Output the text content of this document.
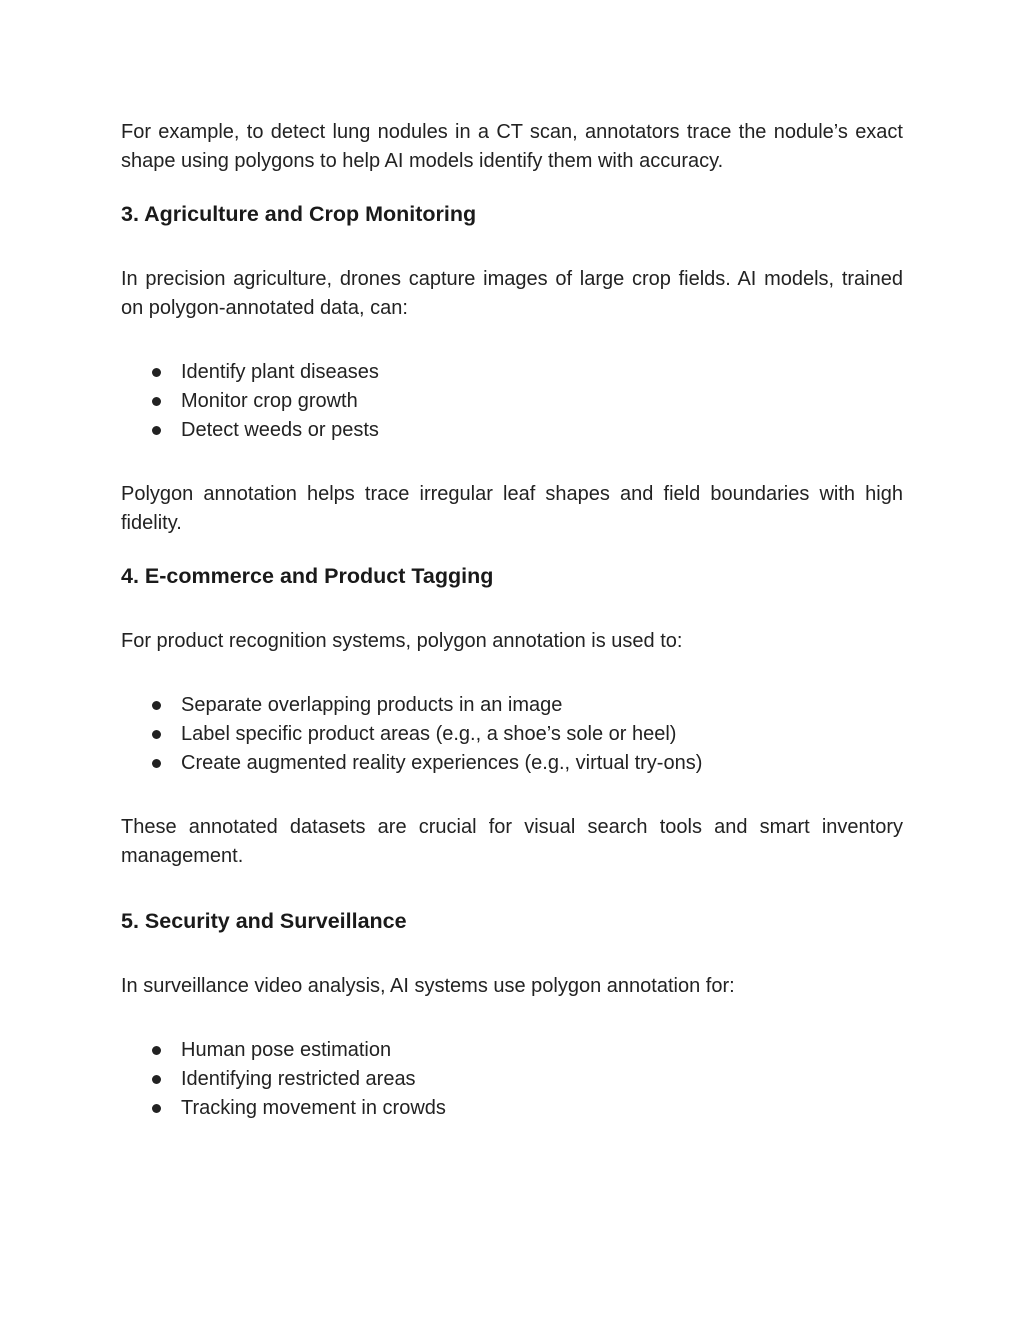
For example, to detect lung nodules in a CT scan, annotators trace the nodule’s exact shape using polygons to help AI models identify them with accuracy.

3. Agriculture and Crop Monitoring

In precision agriculture, drones capture images of large crop fields. AI models, trained on polygon-annotated data, can:

Identify plant diseases
Monitor crop growth
Detect weeds or pests

Polygon annotation helps trace irregular leaf shapes and field boundaries with high fidelity.

4. E-commerce and Product Tagging

For product recognition systems, polygon annotation is used to:

Separate overlapping products in an image
Label specific product areas (e.g., a shoe’s sole or heel)
Create augmented reality experiences (e.g., virtual try-ons)

These annotated datasets are crucial for visual search tools and smart inventory management.

5. Security and Surveillance

In surveillance video analysis, AI systems use polygon annotation for:

Human pose estimation
Identifying restricted areas
Tracking movement in crowds
